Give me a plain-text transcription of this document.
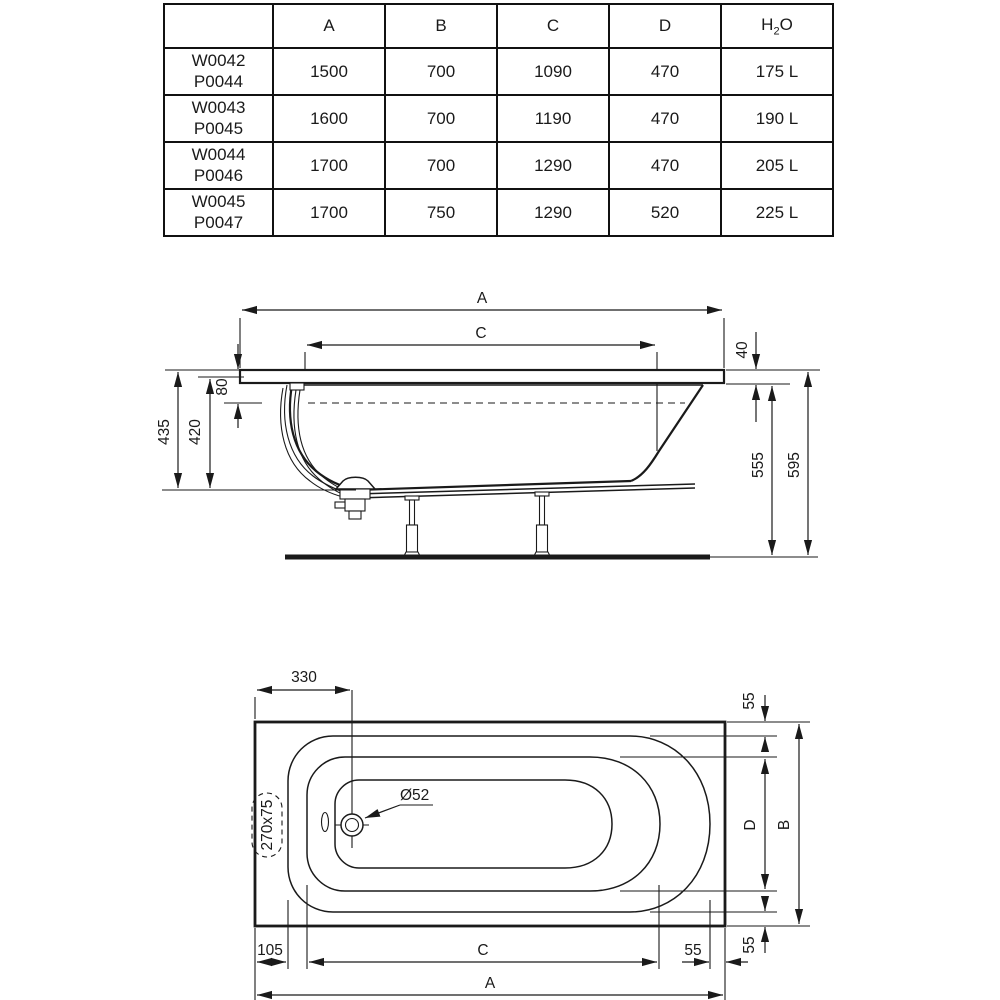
	A	B	C	D	$H_2O$

W0042
P0044	1500	700	1090	470	175 L

W0043
P0045	1600	700	1190	470	190 L

W0044
P0046	1700	700	1290	470	205 L

W0045
P0047	1700	750	1290	520	225 L
A
C
435 420
80
40
555 595
270x75
Ø52
330
55
D B
55
105	C	55
A
